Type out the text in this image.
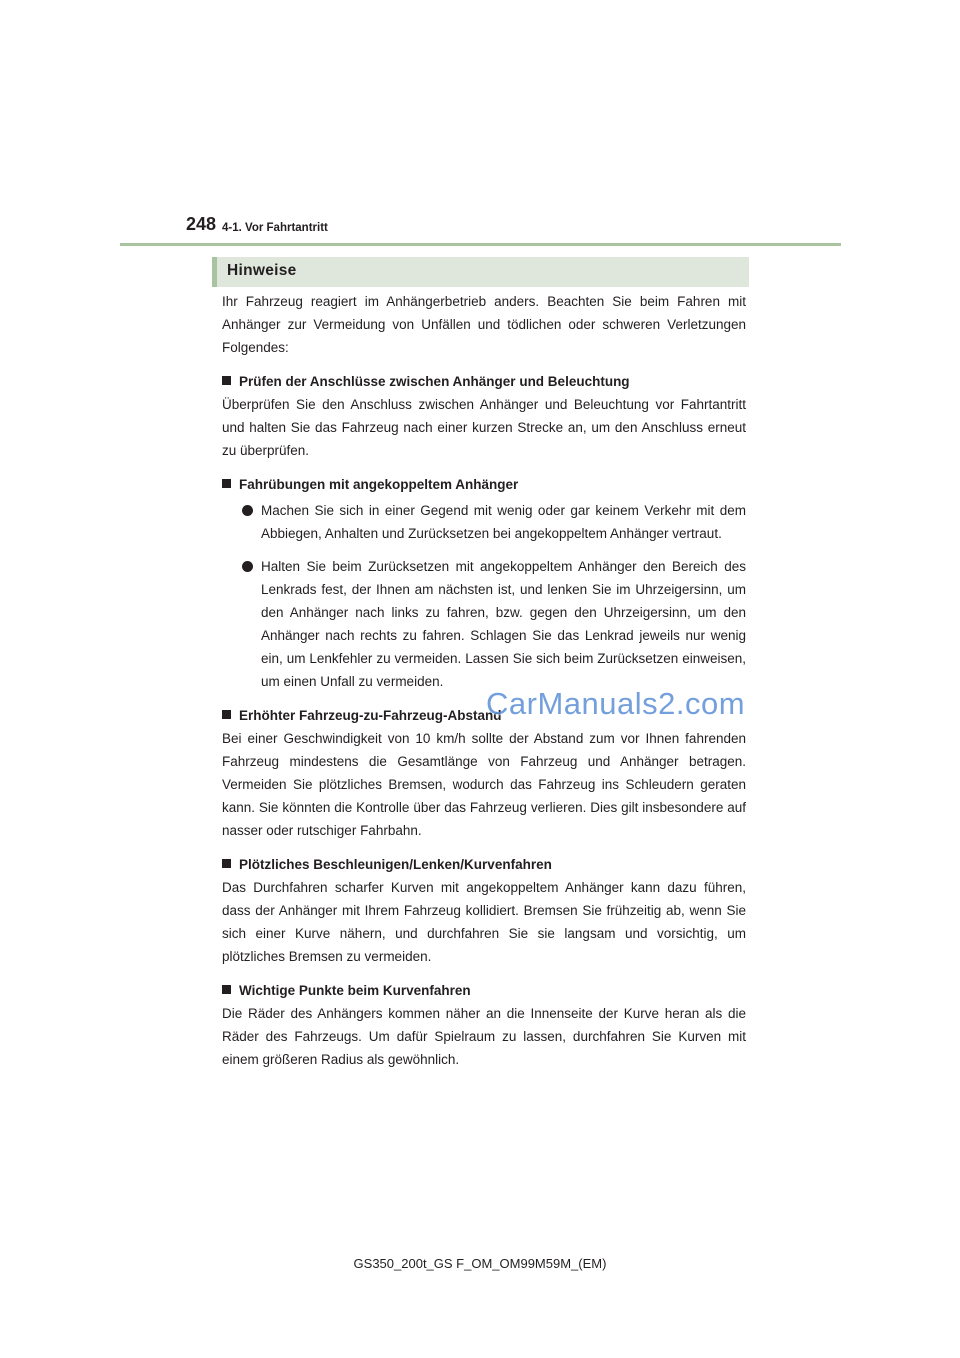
248 4-1. Vor Fahrtantritt
Hinweise

Ihr Fahrzeug reagiert im Anhängerbetrieb anders. Beachten Sie beim Fahren mit Anhänger zur Vermeidung von Unfällen und tödlichen oder schweren Verletzungen Folgendes:

Prüfen der Anschlüsse zwischen Anhänger und Beleuchtung

Überprüfen Sie den Anschluss zwischen Anhänger und Beleuchtung vor Fahrtantritt und halten Sie das Fahrzeug nach einer kurzen Strecke an, um den Anschluss erneut zu überprüfen.

Fahrübungen mit angekoppeltem Anhänger
Machen Sie sich in einer Gegend mit wenig oder gar keinem Verkehr mit dem Abbiegen, Anhalten und Zurücksetzen bei angekoppeltem Anhänger vertraut.
Halten Sie beim Zurücksetzen mit angekoppeltem Anhänger den Bereich des Lenkrads fest, der Ihnen am nächsten ist, und lenken Sie im Uhrzeigersinn, um den Anhänger nach links zu fahren, bzw. gegen den Uhrzeigersinn, um den Anhänger nach rechts zu fahren. Schlagen Sie das Lenkrad jeweils nur wenig ein, um Lenkfehler zu vermeiden. Lassen Sie sich beim Zurücksetzen einweisen, um einen Unfall zu vermeiden.
Erhöhter Fahrzeug-zu-Fahrzeug-Abstand

Bei einer Geschwindigkeit von 10 km/h sollte der Abstand zum vor Ihnen fahrenden Fahrzeug mindestens die Gesamtlänge von Fahrzeug und Anhänger betragen. Vermeiden Sie plötzliches Bremsen, wodurch das Fahrzeug ins Schleudern geraten kann. Sie könnten die Kontrolle über das Fahrzeug verlieren. Dies gilt insbesondere auf nasser oder rutschiger Fahrbahn.

Plötzliches Beschleunigen/Lenken/Kurvenfahren

Das Durchfahren scharfer Kurven mit angekoppeltem Anhänger kann dazu führen, dass der Anhänger mit Ihrem Fahrzeug kollidiert. Bremsen Sie frühzeitig ab, wenn Sie sich einer Kurve nähern, und durchfahren Sie sie langsam und vorsichtig, um plötzliches Bremsen zu vermeiden.

Wichtige Punkte beim Kurvenfahren

Die Räder des Anhängers kommen näher an die Innenseite der Kurve heran als die Räder des Fahrzeugs. Um dafür Spielraum zu lassen, durchfahren Sie Kurven mit einem größeren Radius als gewöhnlich.

CarManuals2.com
GS350_200t_GS F_OM_OM99M59M_(EM)
